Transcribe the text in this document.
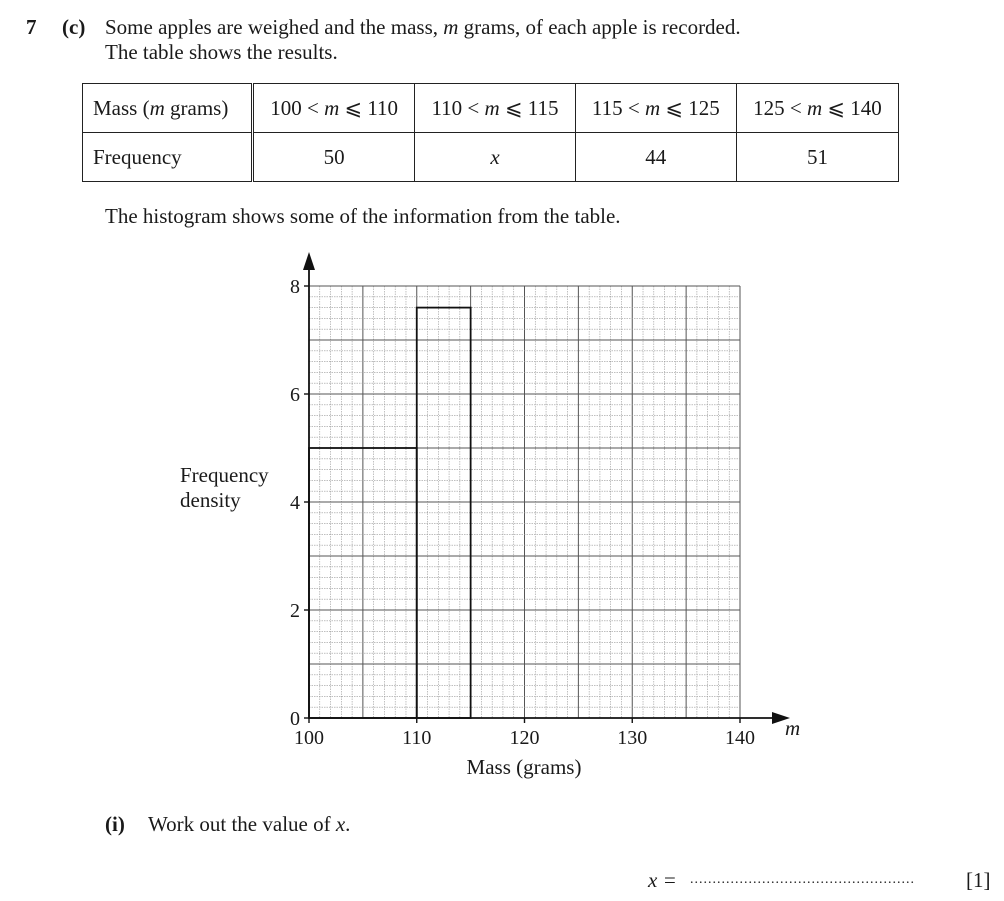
7 (c) Some apples are weighed and the mass, m grams, of each apple is recorded.
The table shows the results.
Mass (m grams)	100 < m ⩽ 110	110 < m ⩽ 115	115 < m ⩽ 125	125 < m ⩽ 140
Frequency	50	x	44	51
The histogram shows some of the information from the table.
0
2
4
6
8
100	110	120	130	140
Frequency
density
Mass (grams)
m
(i) Work out the value of x.
x = .................................................. [1]
